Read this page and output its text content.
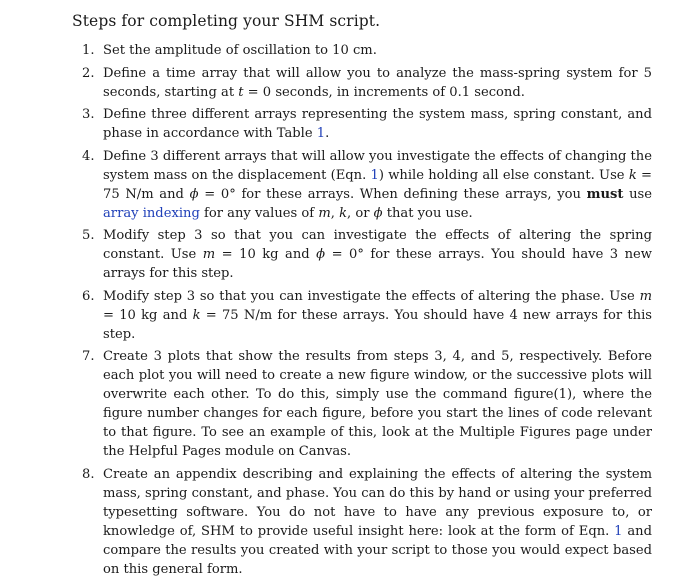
Steps for completing your SHM script.
1. Set the amplitude of oscillation to 10 cm.
2. Define a time array that will allow you to analyze the mass-spring system for 5 seconds, starting at t = 0 seconds, in increments of 0.1 second.
3. Define three different arrays representing the system mass, spring constant, and phase in accordance with Table 1.
4. Define 3 different arrays that will allow you investigate the effects of changing the system mass on the displacement (Eqn. 1) while holding all else constant. Use k = 75 N/m and ϕ = 0° for these arrays. When defining these arrays, you must use array indexing for any values of m, k, or ϕ that you use.
5. Modify step 3 so that you can investigate the effects of altering the spring constant. Use m = 10 kg and ϕ = 0° for these arrays. You should have 3 new arrays for this step.
6. Modify step 3 so that you can investigate the effects of altering the phase. Use m = 10 kg and k = 75 N/m for these arrays. You should have 4 new arrays for this step.
7. Create 3 plots that show the results from steps 3, 4, and 5, respectively. Before each plot you will need to create a new figure window, or the successive plots will overwrite each other. To do this, simply use the command figure(1), where the figure number changes for each figure, before you start the lines of code relevant to that figure. To see an example of this, look at the Multiple Figures page under the Helpful Pages module on Canvas.
8. Create an appendix describing and explaining the effects of altering the system mass, spring constant, and phase. You can do this by hand or using your preferred typesetting software. You do not have to have any previous exposure to, or knowledge of, SHM to provide useful insight here: look at the form of Eqn. 1 and compare the results you created with your script to those you would expect based on this general form.
